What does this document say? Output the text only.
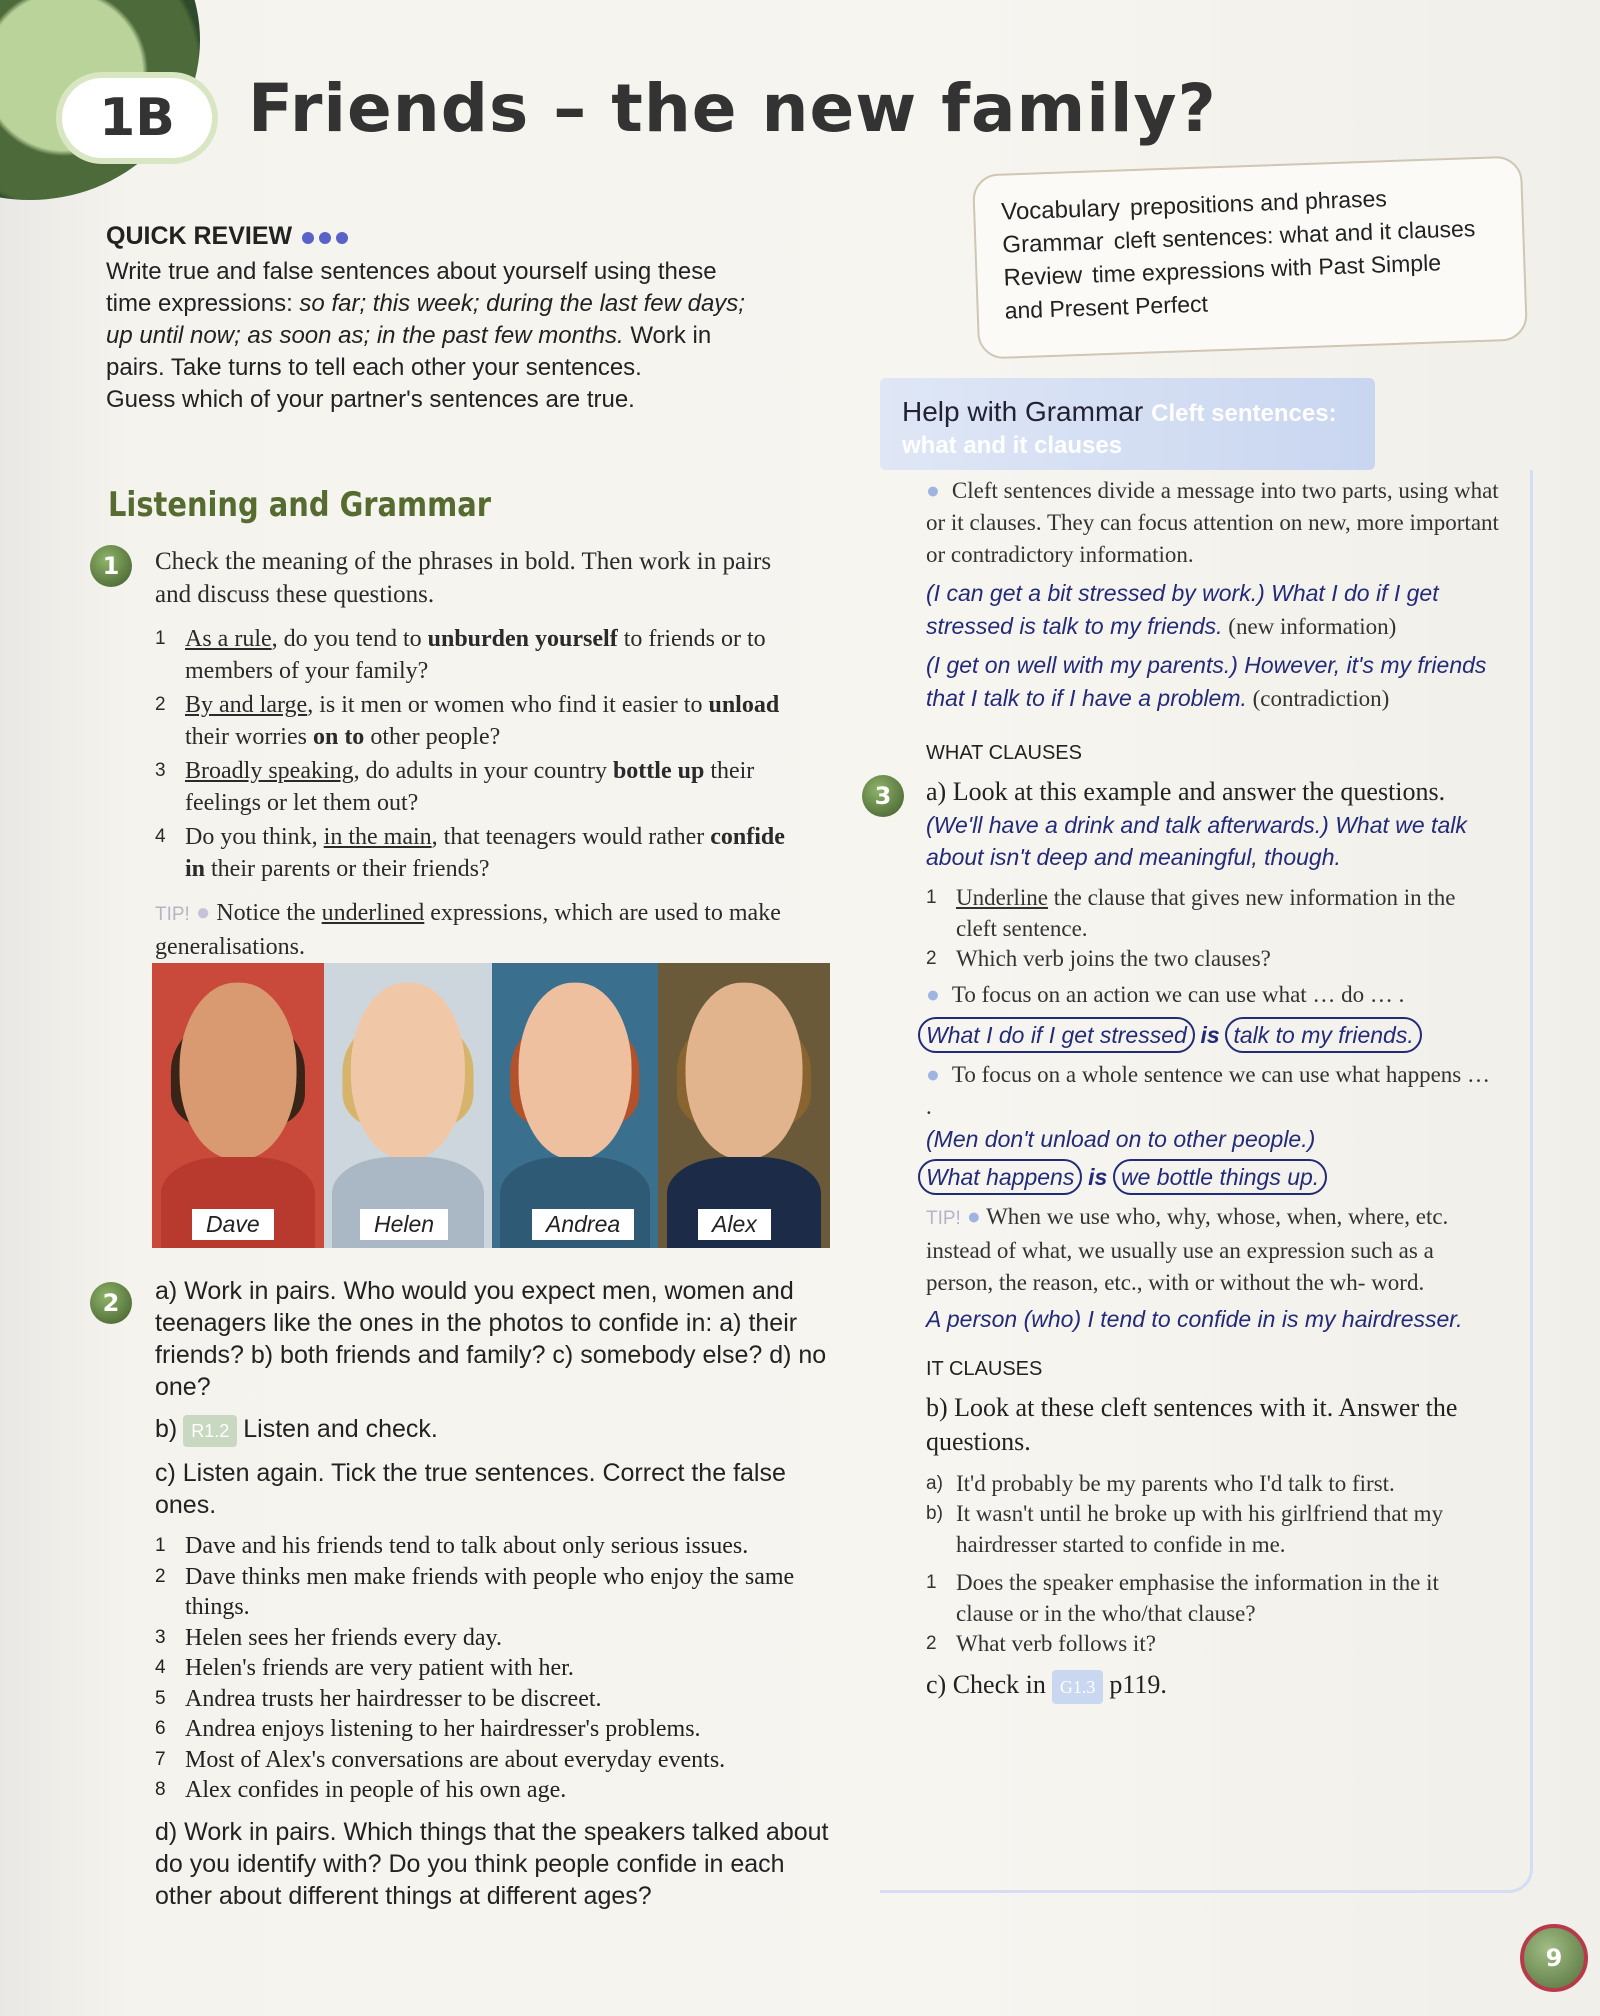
1B	Friends – the new family?
QUICK REVIEW
Write true and false sentences about yourself using these
time expressions: so far; this week; during the last few days;
up until now; as soon as; in the past few months. Work in
pairs. Take turns to tell each other your sentences.
Guess which of your partner's sentences are true.
Vocabulary prepositions and phrases
Grammar cleft sentences: what and it clauses
Review time expressions with Past Simple
and Present Perfect
Listening and Grammar
1	Check the meaning of the phrases in bold. Then work in pairs and discuss these questions.
1 As a rule, do you tend to unburden yourself to friends or to members of your family?
2 By and large, is it men or women who find it easier to unload their worries on to other people?
3 Broadly speaking, do adults in your country bottle up their feelings or let them out?
4 Do you think, in the main, that teenagers would rather confide in their parents or their friends?
TIP! ● Notice the underlined expressions, which are used to make generalisations.
Dave	Helen	Andrea	Alex
2	a) Work in pairs. Who would you expect men, women and teenagers like the ones in the photos to confide in: a) their friends? b) both friends and family? c) somebody else? d) no one?
b) R1.2 Listen and check.
c) Listen again. Tick the true sentences. Correct the false ones.
1 Dave and his friends tend to talk about only serious issues.
2 Dave thinks men make friends with people who enjoy the same things.
3 Helen sees her friends every day.
4 Helen's friends are very patient with her.
5 Andrea trusts her hairdresser to be discreet.
6 Andrea enjoys listening to her hairdresser's problems.
7 Most of Alex's conversations are about everyday events.
8 Alex confides in people of his own age.
d) Work in pairs. Which things that the speakers talked about do you identify with? Do you think people confide in each other about different things at different ages?
Help with Grammar Cleft sentences: what and it clauses
● Cleft sentences divide a message into two parts, using what or it clauses. They can focus attention on new, more important or contradictory information.
(I can get a bit stressed by work.) What I do if I get stressed is talk to my friends. (new information)
(I get on well with my parents.) However, it's my friends that I talk to if I have a problem. (contradiction)
WHAT CLAUSES
a) Look at this example and answer the questions.
(We'll have a drink and talk afterwards.) What we talk about isn't deep and meaningful, though.
1 Underline the clause that gives new information in the cleft sentence.
2 Which verb joins the two clauses?
● To focus on an action we can use what … do … .
What I do if I get stressed is talk to my friends.
● To focus on a whole sentence we can use what happens … .
(Men don't unload on to other people.)
What happens is we bottle things up.
TIP! ● When we use who, why, whose, when, where, etc. instead of what, we usually use an expression such as a person, the reason, etc., with or without the wh- word.
A person (who) I tend to confide in is my hairdresser.
IT CLAUSES
b) Look at these cleft sentences with it. Answer the questions.
a) It'd probably be my parents who I'd talk to first.
b) It wasn't until he broke up with his girlfriend that my hairdresser started to confide in me.
1 Does the speaker emphasise the information in the it clause or in the who/that clause?
2 What verb follows it?
c) Check in G1.3 p119.
3
9
